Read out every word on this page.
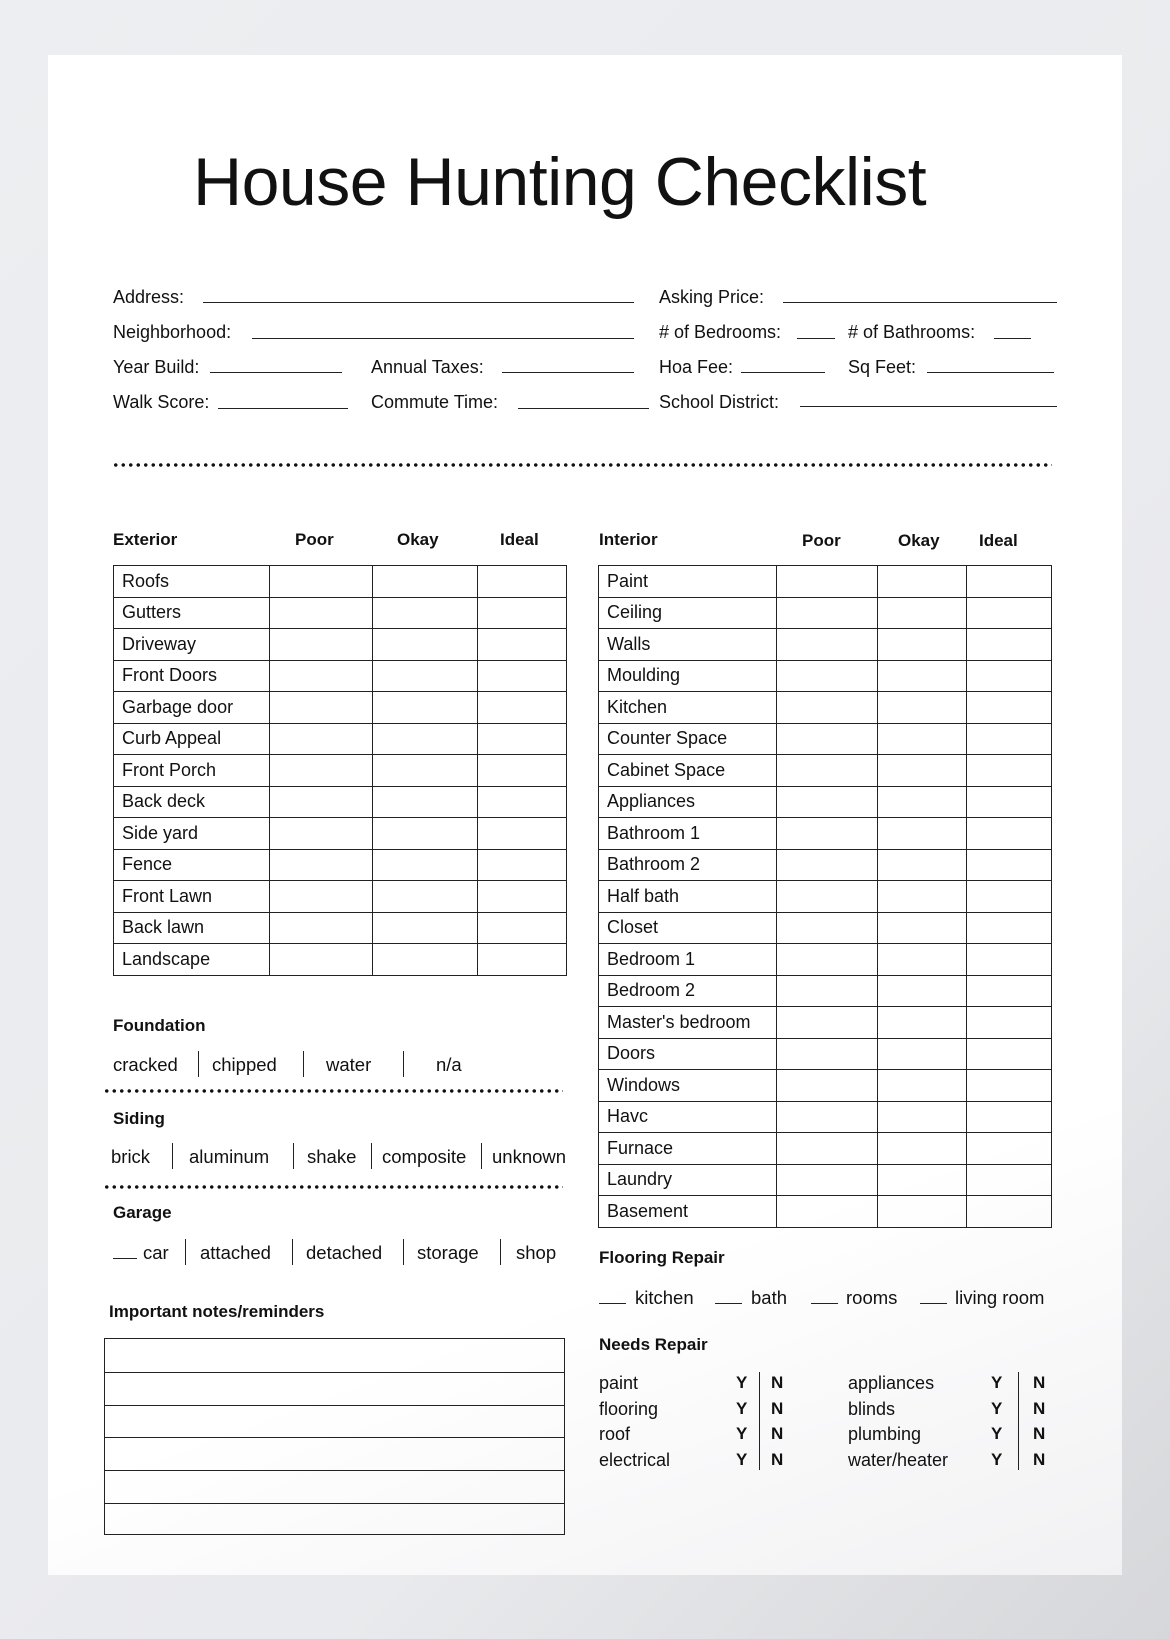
House Hunting Checklist
Address:	Asking Price:
Neighborhood:	# of Bedrooms:	# of Bathrooms:
Year Build:	Annual Taxes:	Hoa Fee:	Sq Feet:
Walk Score:	Commute Time:	School District:
Exterior	Poor	Okay	Ideal
Roofs			
Gutters			
Driveway			
Front Doors			
Garbage door			
Curb Appeal			
Front Porch			
Back deck			
Side yard			
Fence			
Front Lawn			
Back lawn			
Landscape			
Interior	Poor	Okay Ideal
Paint			
Ceiling			
Walls			
Moulding			
Kitchen			
Counter Space			
Cabinet Space			
Appliances			
Bathroom 1			
Bathroom 2			
Half bath			
Closet			
Bedroom 1			
Bedroom 2			
Master's bedroom			
Doors			
Windows			
Havc			
Furnace			
Laundry			
Basement			
Foundation
cracked chipped	water	n/a
Siding
brick aluminum shake composite unknown
Garage
car attached detached storage shop
Important notes/reminders
Flooring Repair
kitchen	bath	rooms	living room
Needs Repair
paint	Y N	appliances	Y N
flooring	Y N	blinds	Y N
roof	Y N	plumbing	Y N
electrical	Y N	water/heater	Y N
